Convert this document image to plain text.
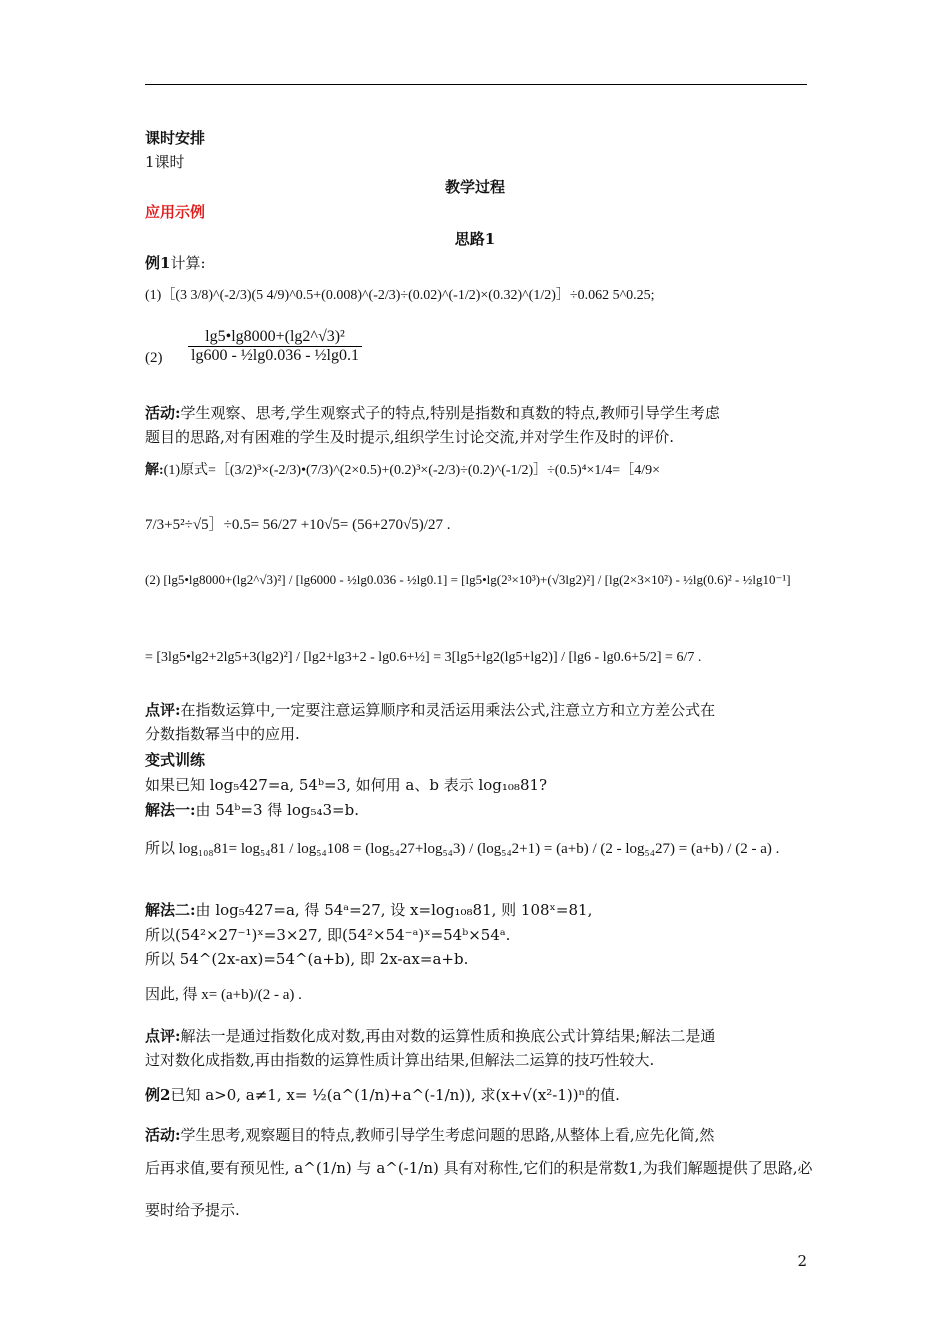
课时安排
1课时
教学过程
应用示例
思路1
例1计算:
(1)［(3 3/8)^(-2/3)(5 4/9)^0.5+(0.008)^(-2/3)÷(0.02)^(-1/2)×(0.32)^(1/2)］÷0.062 5^0.25;
$(2) \frac{\text{lg5•lg8000+(lg2\textasciicircum{}√3)²}}{\text{lg600 - ½lg0.036 - ½lg0.1}}$
活动:学生观察、思考,学生观察式子的特点,特别是指数和真数的特点,教师引导学生考虑
题目的思路,对有困难的学生及时提示,组织学生讨论交流,并对学生作及时的评价.
解:(1)原式=［(3/2)³×(-2/3)•(7/3)^(2×0.5)+(0.2)³×(-2/3)÷(0.2)^(-1/2)］÷(0.5)⁴×1/4=［4/9×
7/3+5²÷√5］÷0.5= 56/27 +10√5= (56+270√5)/27 .
(2) [lg5•lg8000+(lg2^√3)²] / [lg6000 - ½lg0.036 - ½lg0.1] = [lg5•lg(2³×10³)+(√3lg2)²] / [lg(2×3×10²) - ½lg(0.6)² - ½lg10⁻¹]
= [3lg5•lg2+2lg5+3(lg2)²] / [lg2+lg3+2 - lg0.6+½] = 3[lg5+lg2(lg5+lg2)] / [lg6 - lg0.6+5/2] = 6/7 .
点评:在指数运算中,一定要注意运算顺序和灵活运用乘法公式,注意立方和立方差公式在
分数指数幂当中的应用.
变式训练
如果已知 log₅427=a, 54ᵇ=3, 如何用 a、b 表示 log₁₀₈81?
解法一:由 54ᵇ=3 得 log₅₄3=b.
所以 log₁₀₈81= log₅₄81 / log₅₄108 = (log₅₄27+log₅₄3) / (log₅₄2+1) = (a+b) / (2 - log₅₄27) = (a+b) / (2 - a) .
解法二:由 log₅427=a, 得 54ᵃ=27, 设 x=log₁₀₈81, 则 108ˣ=81,
所以(54²×27⁻¹)ˣ=3×27, 即(54²×54⁻ᵃ)ˣ=54ᵇ×54ᵃ.
所以 54^(2x-ax)=54^(a+b), 即 2x-ax=a+b.
因此, 得 x= (a+b)/(2 - a) .
点评:解法一是通过指数化成对数,再由对数的运算性质和换底公式计算结果;解法二是通
过对数化成指数,再由指数的运算性质计算出结果,但解法二运算的技巧性较大.
例2已知 a>0, a≠1, x= ½(a^(1/n)+a^(-1/n)), 求(x+√(x²-1))ⁿ的值.
活动:学生思考,观察题目的特点,教师引导学生考虑问题的思路,从整体上看,应先化简,然
后再求值,要有预见性, a^(1/n) 与 a^(-1/n) 具有对称性,它们的积是常数1,为我们解题提供了思路,必
要时给予提示.
2
